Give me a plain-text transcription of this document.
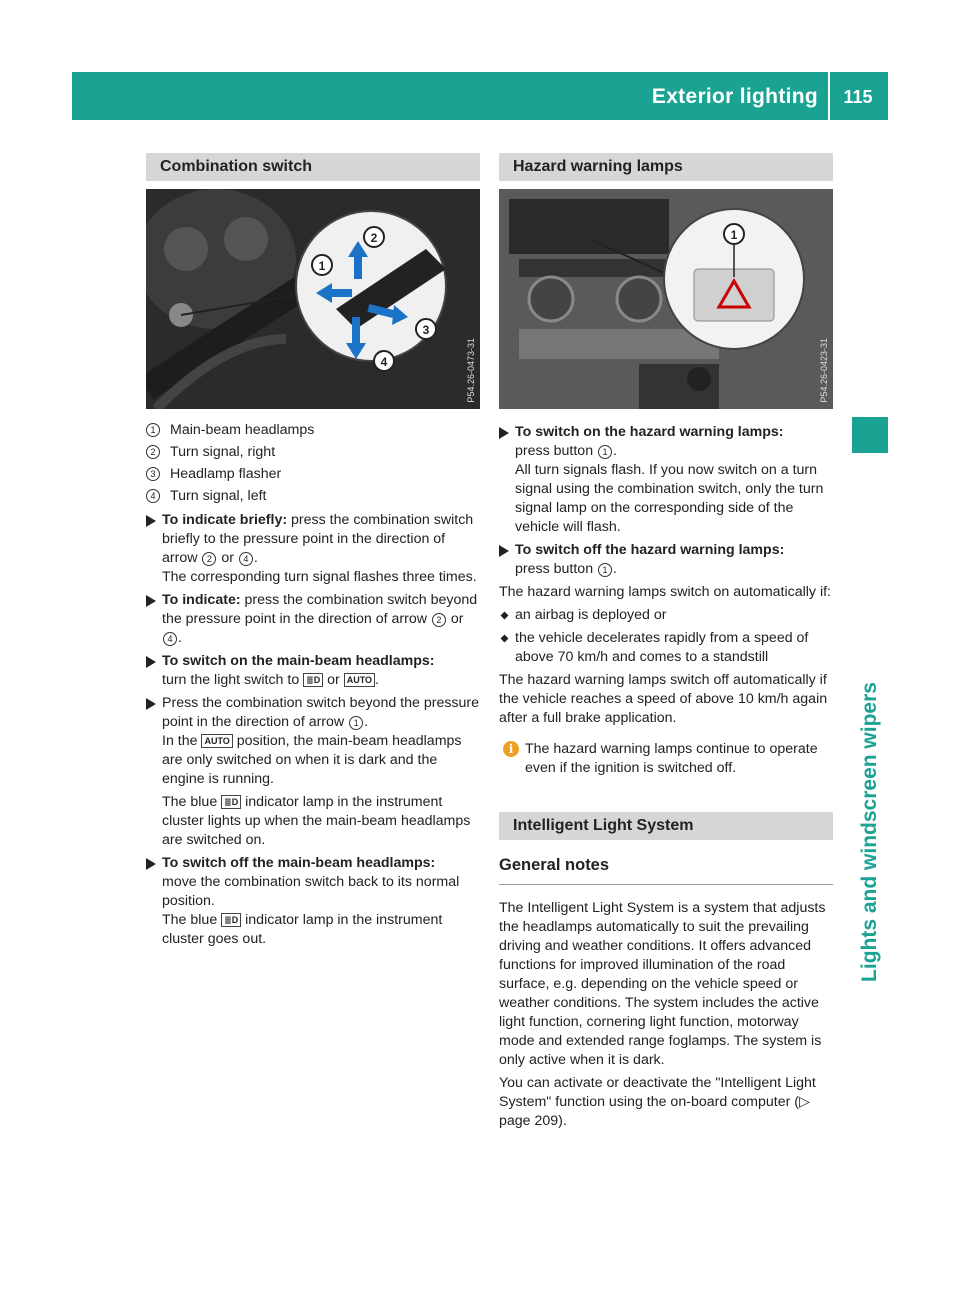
Exterior lighting	115
Lights and windscreen wipers
Combination switch
1
2
3
4	P54.26-0473-31
1	Main-beam headlamps
2	Turn signal, right
3	Headlamp flasher
4	Turn signal, left
To indicate briefly: press the combination switch briefly to the pressure point in the direction of arrow 2 or 4 .
The corresponding turn signal flashes three times.
To indicate: press the combination switch beyond the pressure point in the direction of arrow 2 or 4 .
To switch on the main-beam headlamps:
turn the light switch to ≣D or AUTO .
Press the combination switch beyond the pressure point in the direction of arrow 1 .
In the AUTO position, the main-beam headlamps are only switched on when it is dark and the engine is running.

The blue ≣D indicator lamp in the instrument cluster lights up when the main-beam headlamps are switched on.

To switch off the main-beam headlamps:
move the combination switch back to its normal position.
The blue ≣D indicator lamp in the instrument cluster goes out.
Hazard warning lamps
1
P54.26-0423-31
To switch on the hazard warning lamps:
press button 1 .
All turn signals flash. If you now switch on a turn signal using the combination switch, only the turn signal lamp on the corresponding side of the vehicle will flash.
To switch off the hazard warning lamps:
press button 1 .

The hazard warning lamps switch on automatically if:

an airbag is deployed or
the vehicle decelerates rapidly from a speed of above 70 km/h and comes to a standstill

The hazard warning lamps switch off automatically if the vehicle reaches a speed of above 10 km/h again after a full brake application.

i The hazard warning lamps continue to operate even if the ignition is switched off.
Intelligent Light System
General notes

The Intelligent Light System is a system that adjusts the headlamps automatically to suit the prevailing driving and weather conditions. It offers advanced functions for improved illumination of the road surface, e.g. depending on the vehicle speed or weather conditions. The system includes the active light function, cornering light function, motorway mode and extended range foglamps. The system is only active when it is dark.

You can activate or deactivate the "Intelligent Light System" function using the on-board computer (▷ page 209).
